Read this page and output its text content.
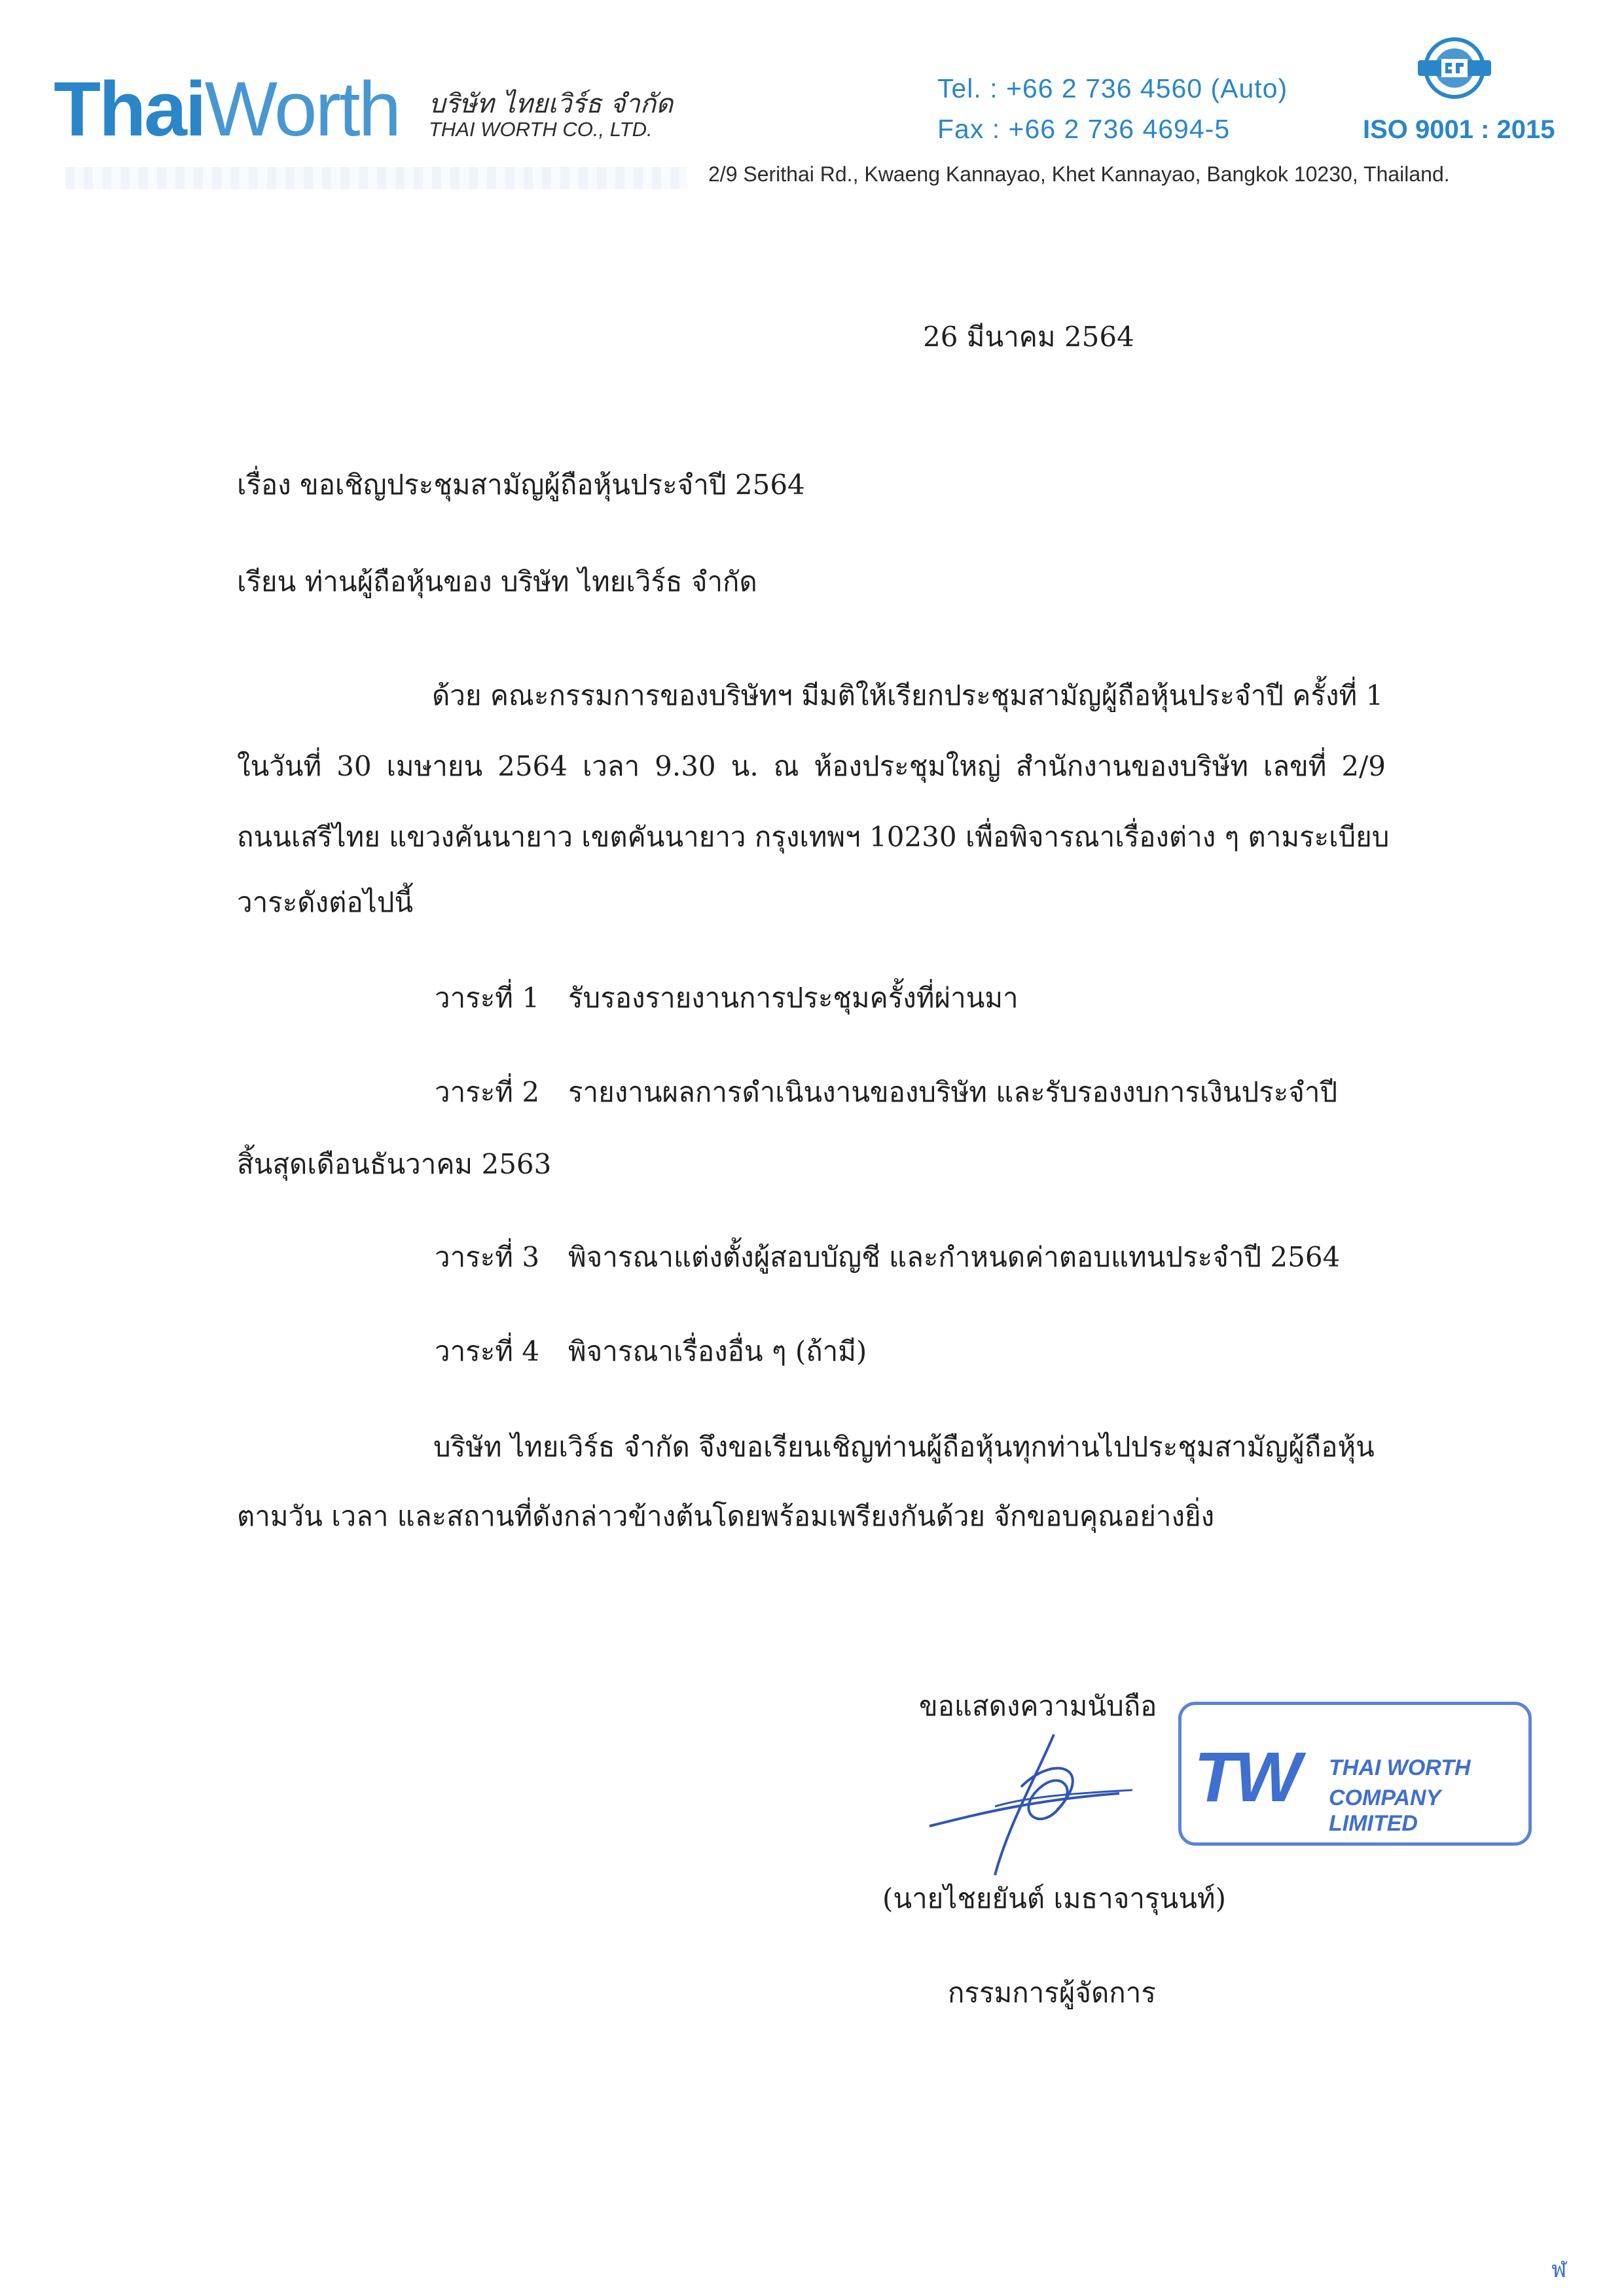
ThaiWorth บริษัท ไทยเวิร์ธ จำกัด
THAI WORTH CO., LTD.
Tel. : +66 2 736 4560 (Auto)
Fax : +66 2 736 4694-5	ISO 9001 : 2015
2/9 Serithai Rd., Kwaeng Kannayao, Khet Kannayao, Bangkok 10230, Thailand.
26 มีนาคม 2564
เรื่อง ขอเชิญประชุมสามัญผู้ถือหุ้นประจำปี 2564
เรียน ท่านผู้ถือหุ้นของ บริษัท ไทยเวิร์ธ จำกัด
ด้วย คณะกรรมการของบริษัทฯ มีมติให้เรียกประชุมสามัญผู้ถือหุ้นประจำปี ครั้งที่ 1
ในวันที่ 30 เมษายน 2564 เวลา 9.30 น. ณ ห้องประชุมใหญ่ สำนักงานของบริษัท เลขที่ 2/9
ถนนเสรีไทย แขวงคันนายาว เขตคันนายาว กรุงเทพฯ 10230 เพื่อพิจารณาเรื่องต่าง ๆ ตามระเบียบ
วาระดังต่อไปนี้
วาระที่ 1 รับรองรายงานการประชุมครั้งที่ผ่านมา
วาระที่ 2 รายงานผลการดำเนินงานของบริษัท และรับรองงบการเงินประจำปี
สิ้นสุดเดือนธันวาคม 2563
วาระที่ 3 พิจารณาแต่งตั้งผู้สอบบัญชี และกำหนดค่าตอบแทนประจำปี 2564
วาระที่ 4 พิจารณาเรื่องอื่น ๆ (ถ้ามี)
บริษัท ไทยเวิร์ธ จำกัด จึงขอเรียนเชิญท่านผู้ถือหุ้นทุกท่านไปประชุมสามัญผู้ถือหุ้น
ตามวัน เวลา และสถานที่ดังกล่าวข้างต้นโดยพร้อมเพรียงกันด้วย จักขอบคุณอย่างยิ่ง
ขอแสดงความนับถือ
TW THAI WORTH
COMPANY LIMITED
(นายไชยยันต์ เมธาจารุนนท์)
กรรมการผู้จัดการ
ฬ
